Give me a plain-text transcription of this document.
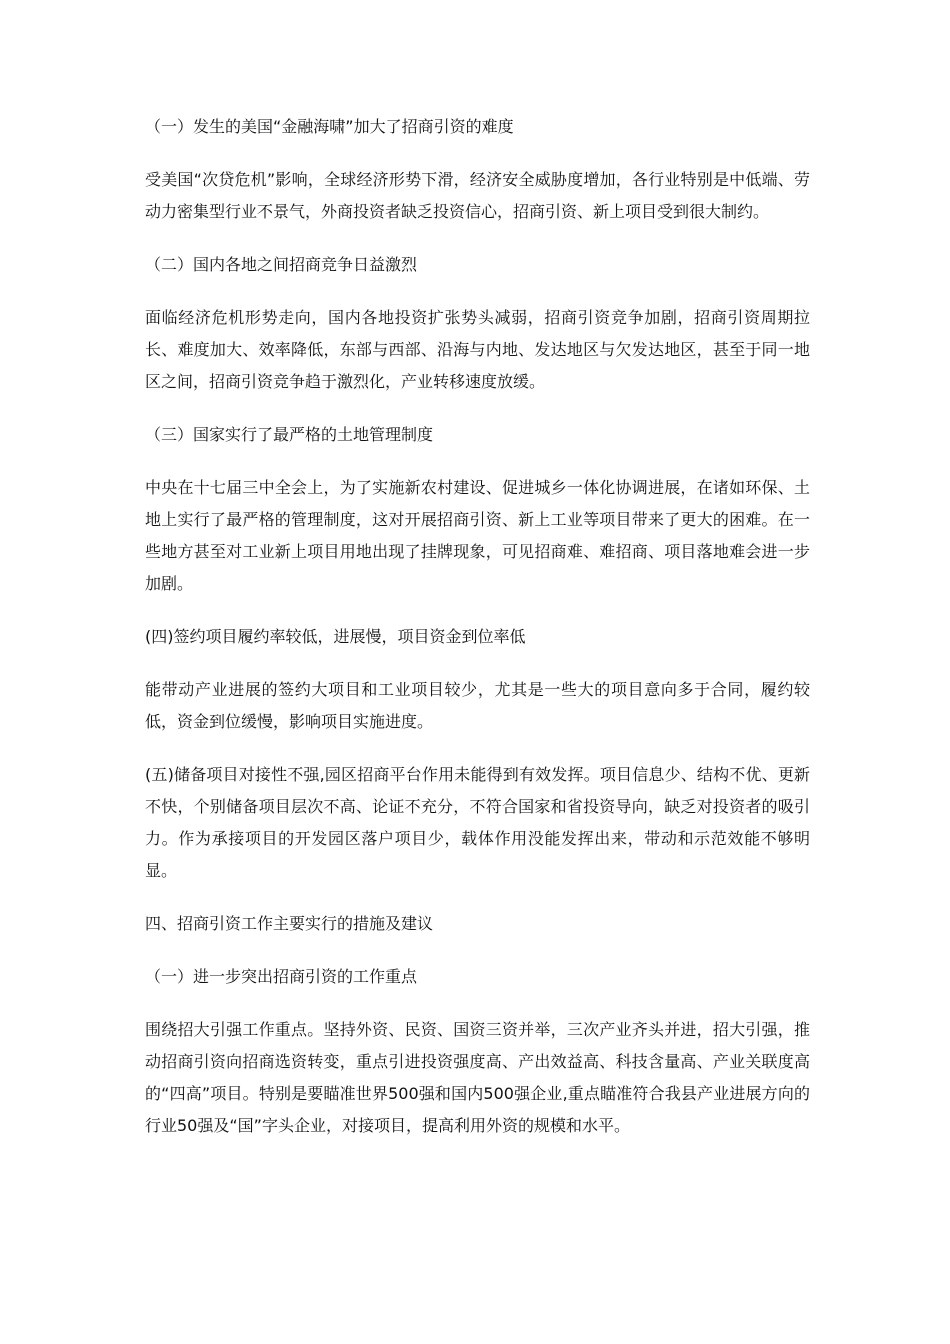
（一）发生的美国“金融海啸”加大了招商引资的难度
受美国“次贷危机”影响，全球经济形势下滑，经济安全威胁度增加，各行业特别是中低端、劳动力密集型行业不景气，外商投资者缺乏投资信心，招商引资、新上项目受到很大制约。
（二）国内各地之间招商竞争日益激烈
面临经济危机形势走向，国内各地投资扩张势头减弱，招商引资竞争加剧，招商引资周期拉长、难度加大、效率降低，东部与西部、沿海与内地、发达地区与欠发达地区，甚至于同一地区之间，招商引资竞争趋于激烈化，产业转移速度放缓。
（三）国家实行了最严格的土地管理制度
中央在十七届三中全会上，为了实施新农村建设、促进城乡一体化协调进展，在诸如环保、土地上实行了最严格的管理制度，这对开展招商引资、新上工业等项目带来了更大的困难。在一些地方甚至对工业新上项目用地出现了挂牌现象，可见招商难、难招商、项目落地难会进一步加剧。
(四)签约项目履约率较低，进展慢，项目资金到位率低
能带动产业进展的签约大项目和工业项目较少，尤其是一些大的项目意向多于合同，履约较低，资金到位缓慢，影响项目实施进度。
(五)储备项目对接性不强,园区招商平台作用未能得到有效发挥。项目信息少、结构不优、更新不快，个别储备项目层次不高、论证不充分，不符合国家和省投资导向，缺乏对投资者的吸引力。作为承接项目的开发园区落户项目少，载体作用没能发挥出来，带动和示范效能不够明显。
四、招商引资工作主要实行的措施及建议
（一）进一步突出招商引资的工作重点
围绕招大引强工作重点。坚持外资、民资、国资三资并举，三次产业齐头并进，招大引强，推动招商引资向招商选资转变，重点引进投资强度高、产出效益高、科技含量高、产业关联度高的“四高”项目。特别是要瞄准世界500强和国内500强企业,重点瞄准符合我县产业进展方向的行业50强及“国”字头企业，对接项目，提高利用外资的规模和水平。
